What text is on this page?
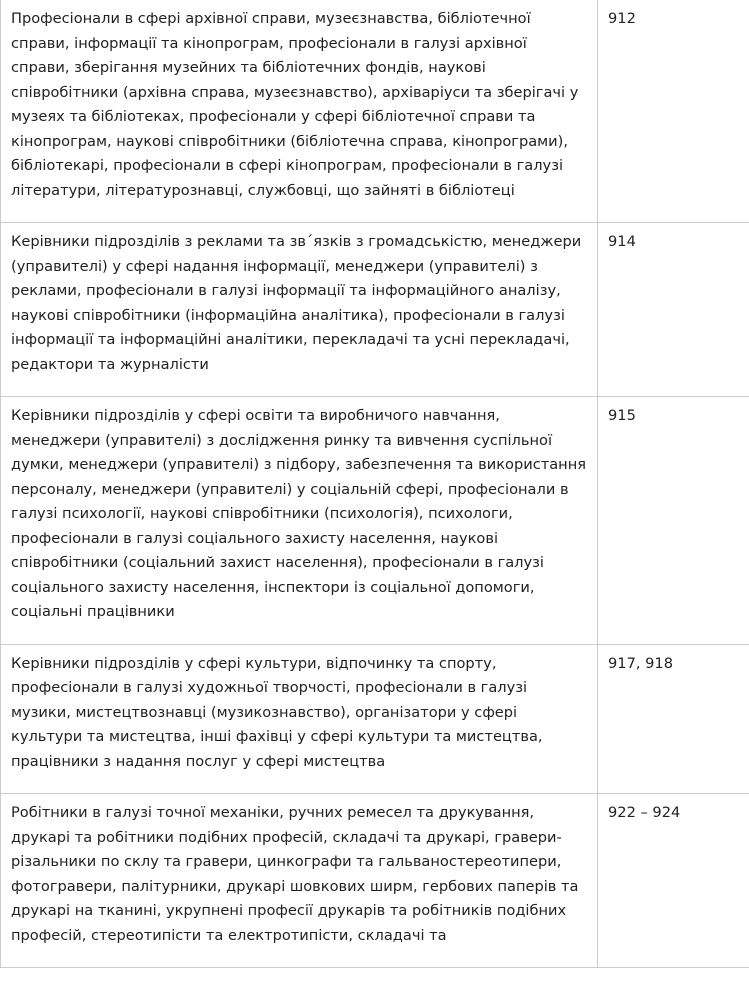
Професіонали в сфері архівної справи, музеєзнавства, бібліотечної справи, інформації та кінопрограм, професіонали в галузі архівної справи, зберігання музейних та бібліотечних фондів, наукові співробітники (архівна справа, музеєзнавство), архіваріуси та зберігачі у музеях та бібліотеках, професіонали у сфері бібліотечної справи та кінопрограм, наукові співробітники (бібліотечна справа, кінопрограми), бібліотекарі, професіонали в сфері кінопрограм, професіонали в галузі літератури, літературознавці, службовці, що зайняті в бібліотеці	912
Керівники підрозділів з реклами та зв´язків з громадськістю, менеджери (управителі) у сфері надання інформації, менеджери (управителі) з реклами, професіонали в галузі інформації та інформаційного аналізу, наукові співробітники (інформаційна аналітика), професіонали в галузі інформації та інформаційні аналітики, перекладачі та усні перекладачі, редактори та журналісти	914
Керівники підрозділів у сфері освіти та виробничого навчання, менеджери (управителі) з дослідження ринку та вивчення суспільної думки, менеджери (управителі) з підбору, забезпечення та використання персоналу, менеджери (управителі) у соціальній сфері, професіонали в галузі психології, наукові співробітники (психологія), психологи, професіонали в галузі соціального захисту населення, наукові співробітники (соціальний захист населення), професіонали в галузі соціального захисту населення, інспектори із соціальної допомоги, соціальні працівники	915
Керівники підрозділів у сфері культури, відпочинку та спорту, професіонали в галузі художньої творчості, професіонали в галузі музики, мистецтвознавці (музикознавство), організатори у сфері культури та мистецтва, інші фахівці у сфері культури та мистецтва, працівники з надання послуг у сфері мистецтва	917, 918
Робітники в галузі точної механіки, ручних ремесел та друкування, друкарі та робітники подібних професій, складачі та друкарі, гравери-різальники по склу та гравери, цинкографи та гальваностереотипери, фотогравери, палітурники, друкарі шовкових ширм, гербових паперів та друкарі на тканині, укрупнені професії друкарів та робітників подібних професій, стереотипісти та електротипісти, складачі та	922 – 924
